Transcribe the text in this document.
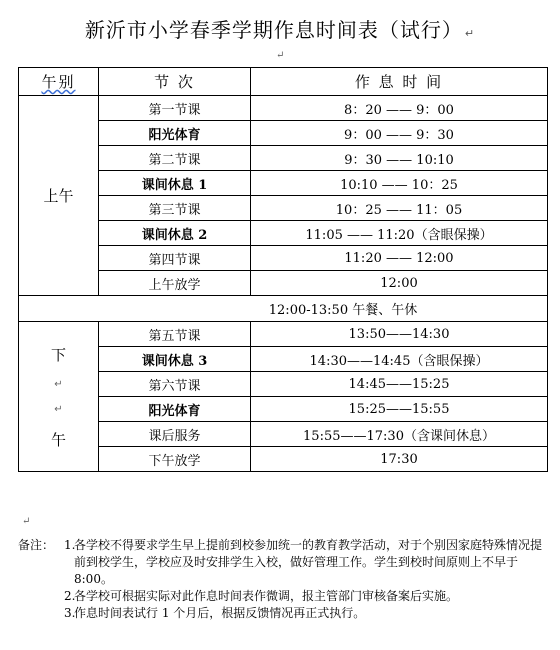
新沂市小学春季学期作息时间表（试行） ↵
午别	节 次	作 息 时 间
上午	第一节课	8：20 —— 9：00
	阳光体育	9：00 —— 9：30
	第二节课	9：30 —— 10:10
	课间休息 1	10:10 —— 10：25
	第三节课	10：25 —— 11：05
	课间休息 2	11:05 —— 11:20（含眼保操）
	第四节课	11:20 —— 12:00
	上午放学	12:00
12:00-13:50 午餐、午休		

下
↵
↵
午	第五节课	13:50——14:30
	课间休息 3	14:30——14:45（含眼保操）
	第六节课	14:45——15:25
	阳光体育	15:25——15:55
	课后服务	15:55——17:30（含课间休息）
	下午放学	17:30
备注： 1.
各学校不得要求学生早上提前到校参加统一的教育教学活动，对于个别因家庭特殊情况提前到校学生，学校应及时安排学生入校，做好管理工作。学生到校时间原则上不早于 8:00。
2.
各学校可根据实际对此作息时间表作微调，报主管部门审核备案后实施。
3.
作息时间表试行 1 个月后，根据反馈情况再正式执行。
↵
↵
